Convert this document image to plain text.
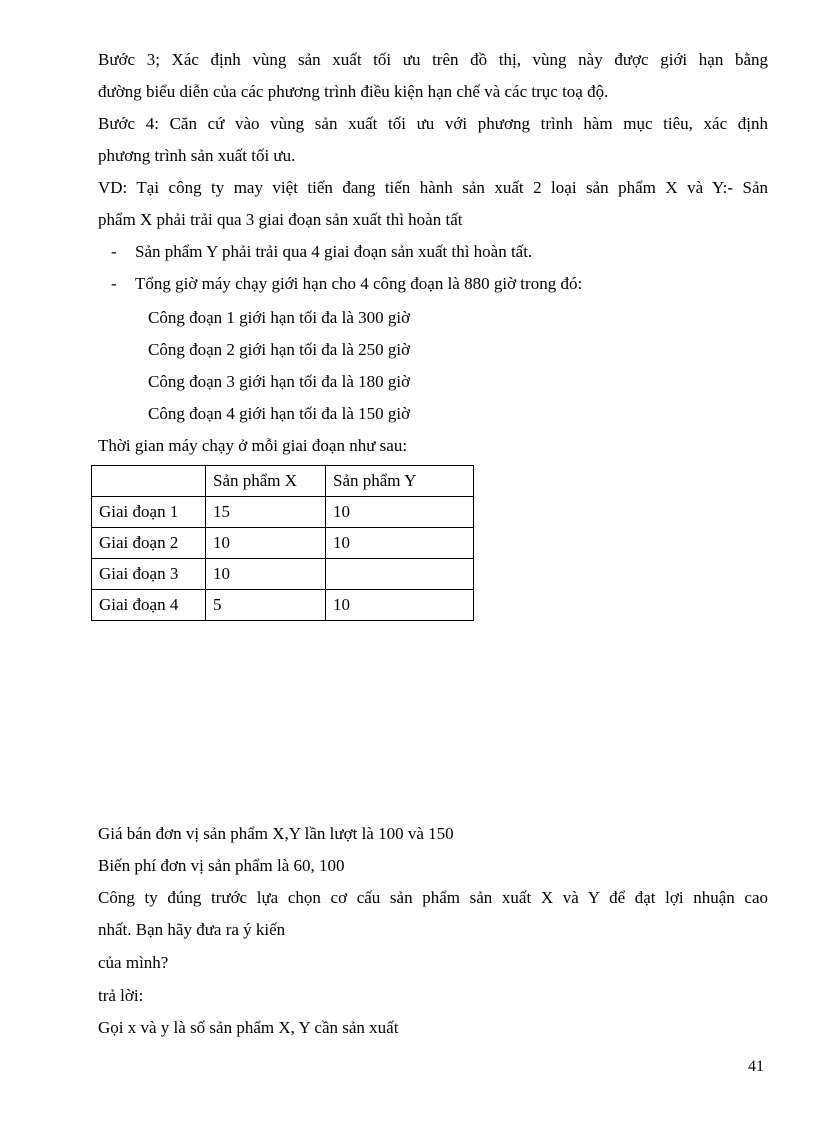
Bước 3; Xác định vùng sản xuất tối ưu trên đồ thị, vùng này được giới hạn bằng
đường biểu diễn của các phương trình điều kiện hạn chế và các trục toạ độ.
Bước 4: Căn cứ vào vùng sản xuất tối ưu với phương trình hàm mục tiêu, xác định
phương trình sản xuất tối ưu.
VD: Tại công ty may việt tiến đang tiến hành sản xuất 2 loại sản phẩm X và Y:- Sản
phẩm X phải trải qua 3 giai đoạn sản xuất thì hoàn tất
- Sản phẩm Y phải trải qua 4 giai đoạn sản xuất thì hoàn tất.
- Tổng giờ máy chạy giới hạn cho 4 công đoạn là 880 giờ trong đó:
Công đoạn 1 giới hạn tối đa là 300 giờ
Công đoạn 2 giới hạn tối đa là 250 giờ
Công đoạn 3 giới hạn tối đa là 180 giờ
Công đoạn 4 giới hạn tối đa là 150 giờ
Thời gian máy chạy ở mỗi giai đoạn như sau:
	Sản phẩm X	Sản phẩm Y
Giai đoạn 1	15	10
Giai đoạn 2	10	10
Giai đoạn 3	10	
Giai đoạn 4	5	10
Giá bán đơn vị sản phẩm X,Y lần lượt là 100 và 150
Biến phí đơn vị sản phẩm là 60, 100
Công ty đúng trước lựa chọn cơ cấu sản phẩm sản xuất X và Y để đạt lợi nhuận cao
nhất. Bạn hãy đưa ra ý kiến
của mình?
trả lời:
Gọi x và y là số sản phẩm X, Y cần sản xuất
41
